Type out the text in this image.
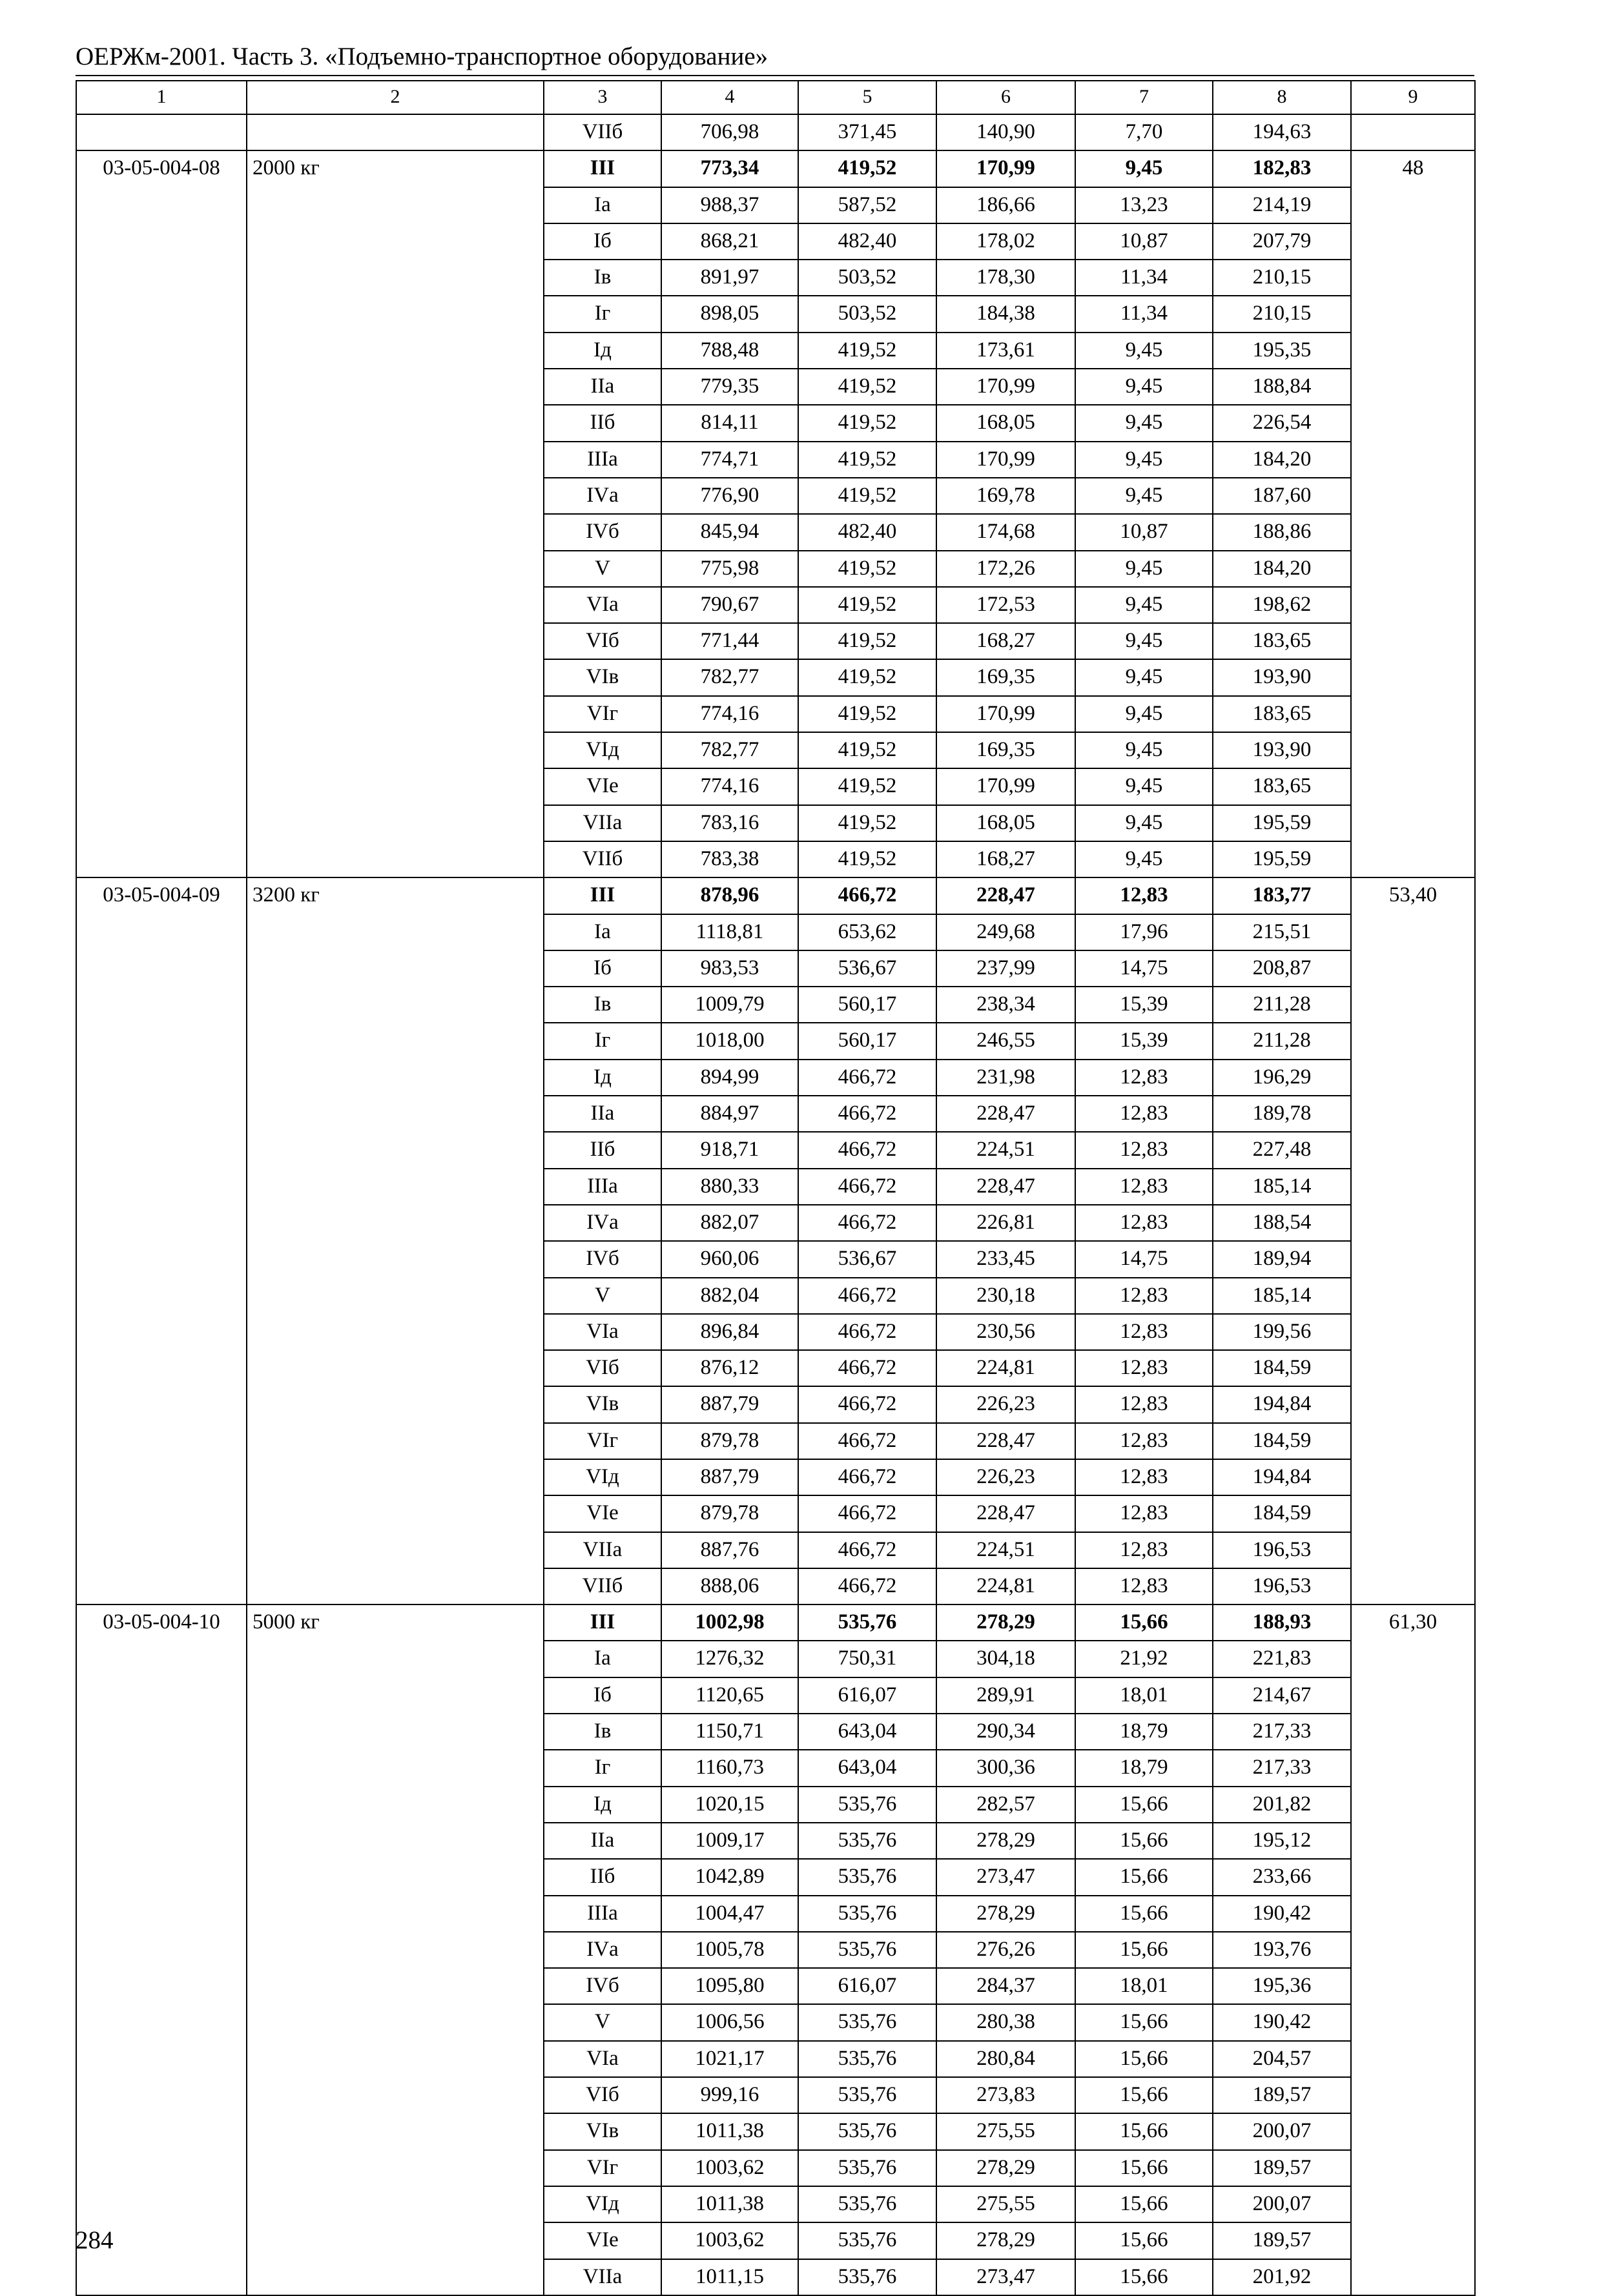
ОЕРЖм-2001. Часть 3. «Подъемно-транспортное оборудование»
1	2	3	4	5	6	7	8	9
		VIIб	706,98	371,45	140,90	7,70	194,63	
03-05-004-08	2000 кг	III	773,34	419,52	170,99	9,45	182,83	48
		Iа	988,37	587,52	186,66	13,23	214,19	
		Iб	868,21	482,40	178,02	10,87	207,79	
		Iв	891,97	503,52	178,30	11,34	210,15	
		Iг	898,05	503,52	184,38	11,34	210,15	
		Iд	788,48	419,52	173,61	9,45	195,35	
		IIа	779,35	419,52	170,99	9,45	188,84	
		IIб	814,11	419,52	168,05	9,45	226,54	
		IIIа	774,71	419,52	170,99	9,45	184,20	
		IVа	776,90	419,52	169,78	9,45	187,60	
		IVб	845,94	482,40	174,68	10,87	188,86	
		V	775,98	419,52	172,26	9,45	184,20	
		VIа	790,67	419,52	172,53	9,45	198,62	
		VIб	771,44	419,52	168,27	9,45	183,65	
		VIв	782,77	419,52	169,35	9,45	193,90	
		VIг	774,16	419,52	170,99	9,45	183,65	
		VIд	782,77	419,52	169,35	9,45	193,90	
		VIе	774,16	419,52	170,99	9,45	183,65	
		VIIа	783,16	419,52	168,05	9,45	195,59	
		VIIб	783,38	419,52	168,27	9,45	195,59	
03-05-004-09	3200 кг	III	878,96	466,72	228,47	12,83	183,77	53,40
		Iа	1118,81	653,62	249,68	17,96	215,51	
		Iб	983,53	536,67	237,99	14,75	208,87	
		Iв	1009,79	560,17	238,34	15,39	211,28	
		Iг	1018,00	560,17	246,55	15,39	211,28	
		Iд	894,99	466,72	231,98	12,83	196,29	
		IIа	884,97	466,72	228,47	12,83	189,78	
		IIб	918,71	466,72	224,51	12,83	227,48	
		IIIа	880,33	466,72	228,47	12,83	185,14	
		IVа	882,07	466,72	226,81	12,83	188,54	
		IVб	960,06	536,67	233,45	14,75	189,94	
		V	882,04	466,72	230,18	12,83	185,14	
		VIа	896,84	466,72	230,56	12,83	199,56	
		VIб	876,12	466,72	224,81	12,83	184,59	
		VIв	887,79	466,72	226,23	12,83	194,84	
		VIг	879,78	466,72	228,47	12,83	184,59	
		VIд	887,79	466,72	226,23	12,83	194,84	
		VIе	879,78	466,72	228,47	12,83	184,59	
		VIIа	887,76	466,72	224,51	12,83	196,53	
		VIIб	888,06	466,72	224,81	12,83	196,53	
03-05-004-10	5000 кг	III	1002,98	535,76	278,29	15,66	188,93	61,30
		Iа	1276,32	750,31	304,18	21,92	221,83	
		Iб	1120,65	616,07	289,91	18,01	214,67	
		Iв	1150,71	643,04	290,34	18,79	217,33	
		Iг	1160,73	643,04	300,36	18,79	217,33	
		Iд	1020,15	535,76	282,57	15,66	201,82	
		IIа	1009,17	535,76	278,29	15,66	195,12	
		IIб	1042,89	535,76	273,47	15,66	233,66	
		IIIа	1004,47	535,76	278,29	15,66	190,42	
		IVа	1005,78	535,76	276,26	15,66	193,76	
		IVб	1095,80	616,07	284,37	18,01	195,36	
		V	1006,56	535,76	280,38	15,66	190,42	
		VIа	1021,17	535,76	280,84	15,66	204,57	
		VIб	999,16	535,76	273,83	15,66	189,57	
		VIв	1011,38	535,76	275,55	15,66	200,07	
		VIг	1003,62	535,76	278,29	15,66	189,57	
		VIд	1011,38	535,76	275,55	15,66	200,07	
		VIе	1003,62	535,76	278,29	15,66	189,57	
		VIIа	1011,15	535,76	273,47	15,66	201,92	
284
